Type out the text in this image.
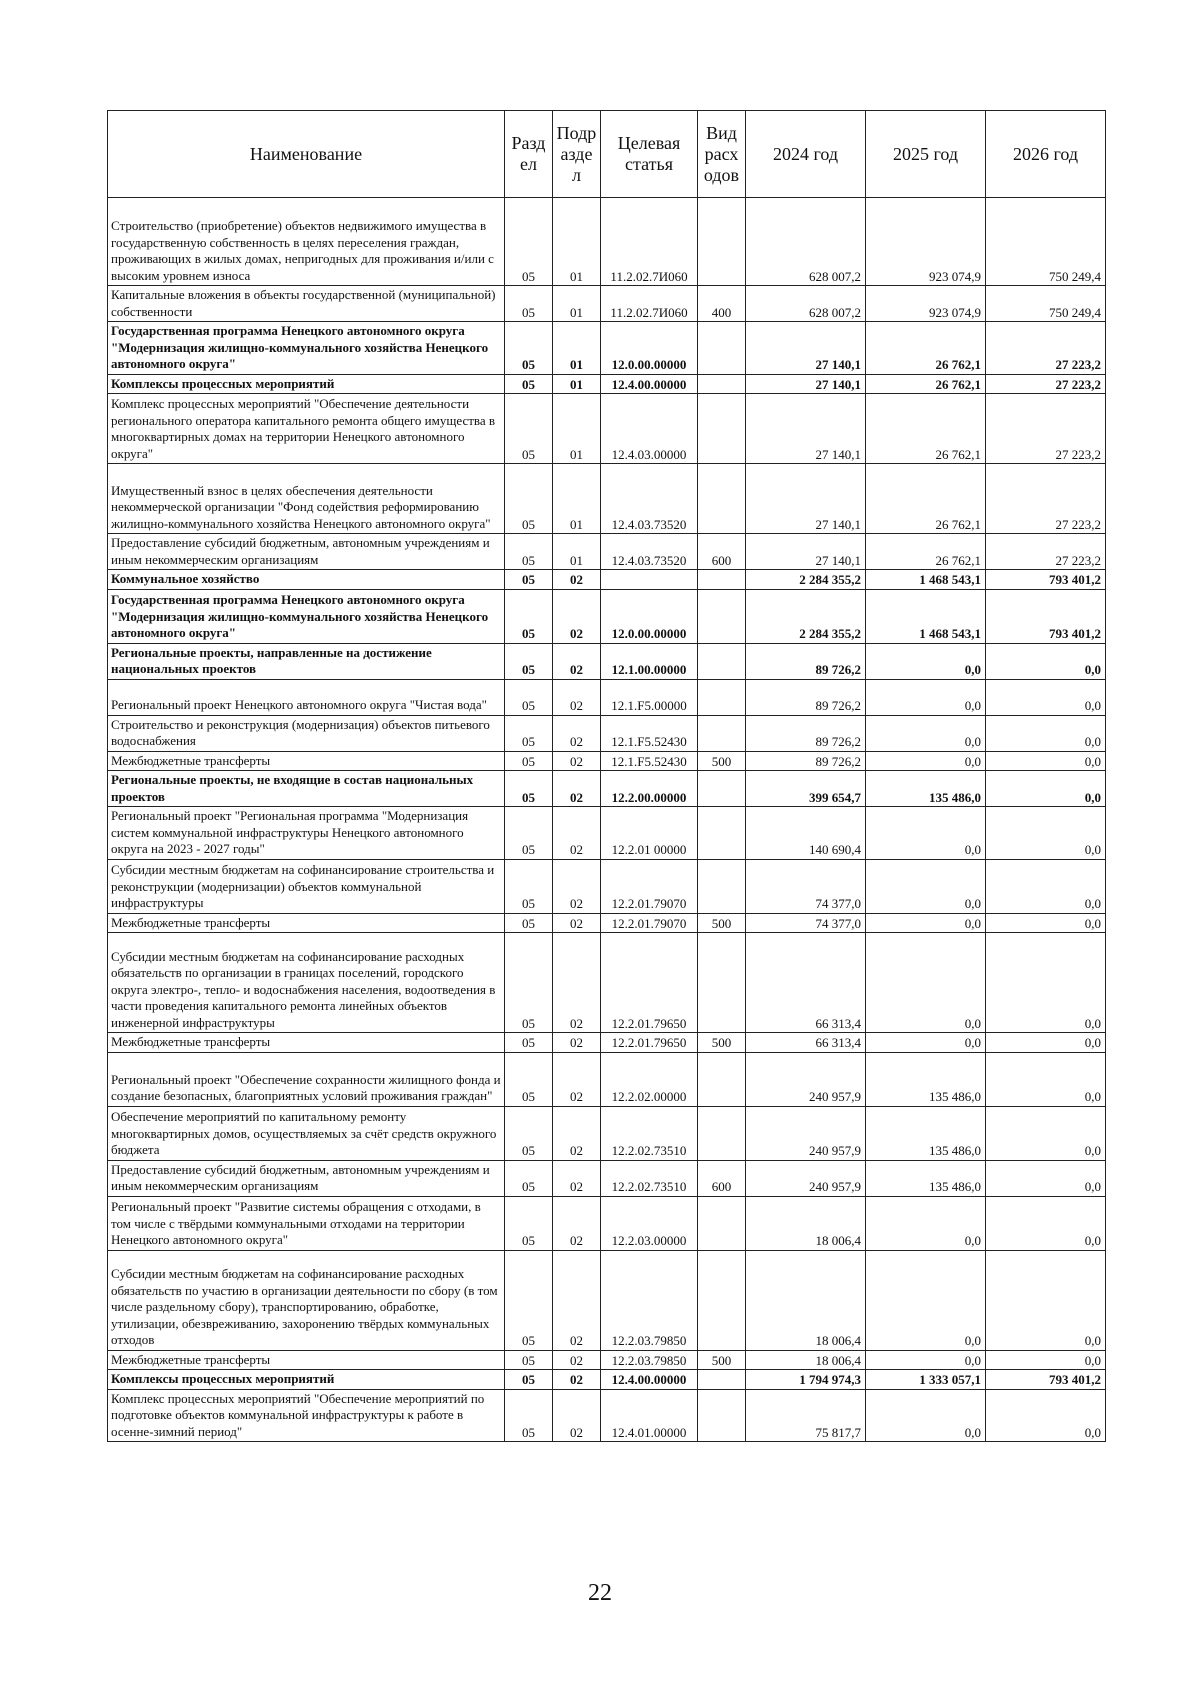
Наименование	Разд ел	Подр азде л	Целевая статья	Вид расх одов	2024 год	2025 год	2026 год
Строительство (приобретение) объектов недвижимого имущества в государственную собственность в целях переселения граждан, проживающих в жилых домах, непригодных для проживания и/или с высоким уровнем износа	05	01	11.2.02.7И060		628 007,2	923 074,9	750 249,4
Капитальные вложения в объекты государственной (муниципальной) собственности	05	01	11.2.02.7И060	400	628 007,2	923 074,9	750 249,4
Государственная программа Ненецкого автономного округа "Модернизация жилищно-коммунального хозяйства Ненецкого автономного округа"	05	01	12.0.00.00000		27 140,1	26 762,1	27 223,2
Комплексы процессных мероприятий	05	01	12.4.00.00000		27 140,1	26 762,1	27 223,2
Комплекс процессных мероприятий "Обеспечение деятельности регионального оператора капитального ремонта общего имущества в многоквартирных домах на территории Ненецкого автономного округа"	05	01	12.4.03.00000		27 140,1	26 762,1	27 223,2
Имущественный взнос в целях обеспечения деятельности некоммерческой организации "Фонд содействия реформированию жилищно-коммунального хозяйства Ненецкого автономного округа"	05	01	12.4.03.73520		27 140,1	26 762,1	27 223,2
Предоставление субсидий бюджетным, автономным учреждениям и иным некоммерческим организациям	05	01	12.4.03.73520	600	27 140,1	26 762,1	27 223,2
Коммунальное хозяйство	05	02			2 284 355,2	1 468 543,1	793 401,2
Государственная программа Ненецкого автономного округа "Модернизация жилищно-коммунального хозяйства Ненецкого автономного округа"	05	02	12.0.00.00000		2 284 355,2	1 468 543,1	793 401,2
Региональные проекты, направленные на достижение национальных проектов	05	02	12.1.00.00000		89 726,2	0,0	0,0
Региональный проект Ненецкого автономного округа "Чистая вода"	05	02	12.1.F5.00000		89 726,2	0,0	0,0
Строительство и реконструкция (модернизация) объектов питьевого водоснабжения	05	02	12.1.F5.52430		89 726,2	0,0	0,0
Межбюджетные трансферты	05	02	12.1.F5.52430	500	89 726,2	0,0	0,0
Региональные проекты, не входящие в состав национальных проектов	05	02	12.2.00.00000		399 654,7	135 486,0	0,0
Региональный проект "Региональная программа "Модернизация систем коммунальной инфраструктуры Ненецкого автономного округа на 2023 - 2027 годы"	05	02	12.2.01 00000		140 690,4	0,0	0,0
Субсидии местным бюджетам на софинансирование строительства и реконструкции (модернизации) объектов коммунальной инфраструктуры	05	02	12.2.01.79070		74 377,0	0,0	0,0
Межбюджетные трансферты	05	02	12.2.01.79070	500	74 377,0	0,0	0,0
Субсидии местным бюджетам на софинансирование расходных обязательств по организации в границах поселений, городского округа электро-, тепло- и водоснабжения населения, водоотведения в части проведения капитального ремонта линейных объектов инженерной инфраструктуры	05	02	12.2.01.79650		66 313,4	0,0	0,0
Межбюджетные трансферты	05	02	12.2.01.79650	500	66 313,4	0,0	0,0
Региональный проект "Обеспечение сохранности жилищного фонда и создание безопасных, благоприятных условий проживания граждан"	05	02	12.2.02.00000		240 957,9	135 486,0	0,0
Обеспечение мероприятий по капитальному ремонту многоквартирных домов, осуществляемых за счёт средств окружного бюджета	05	02	12.2.02.73510		240 957,9	135 486,0	0,0
Предоставление субсидий бюджетным, автономным учреждениям и иным некоммерческим организациям	05	02	12.2.02.73510	600	240 957,9	135 486,0	0,0
Региональный проект "Развитие системы обращения с отходами, в том числе с твёрдыми коммунальными отходами на территории Ненецкого автономного округа"	05	02	12.2.03.00000		18 006,4	0,0	0,0
Субсидии местным бюджетам на софинансирование расходных обязательств по участию в организации деятельности по сбору (в том числе раздельному сбору), транспортированию, обработке, утилизации, обезвреживанию, захоронению твёрдых коммунальных отходов	05	02	12.2.03.79850		18 006,4	0,0	0,0
Межбюджетные трансферты	05	02	12.2.03.79850	500	18 006,4	0,0	0,0
Комплексы процессных мероприятий	05	02	12.4.00.00000		1 794 974,3	1 333 057,1	793 401,2
Комплекс процессных мероприятий "Обеспечение мероприятий по подготовке объектов коммунальной инфраструктуры к работе в осенне-зимний период"	05	02	12.4.01.00000		75 817,7	0,0	0,0
22
